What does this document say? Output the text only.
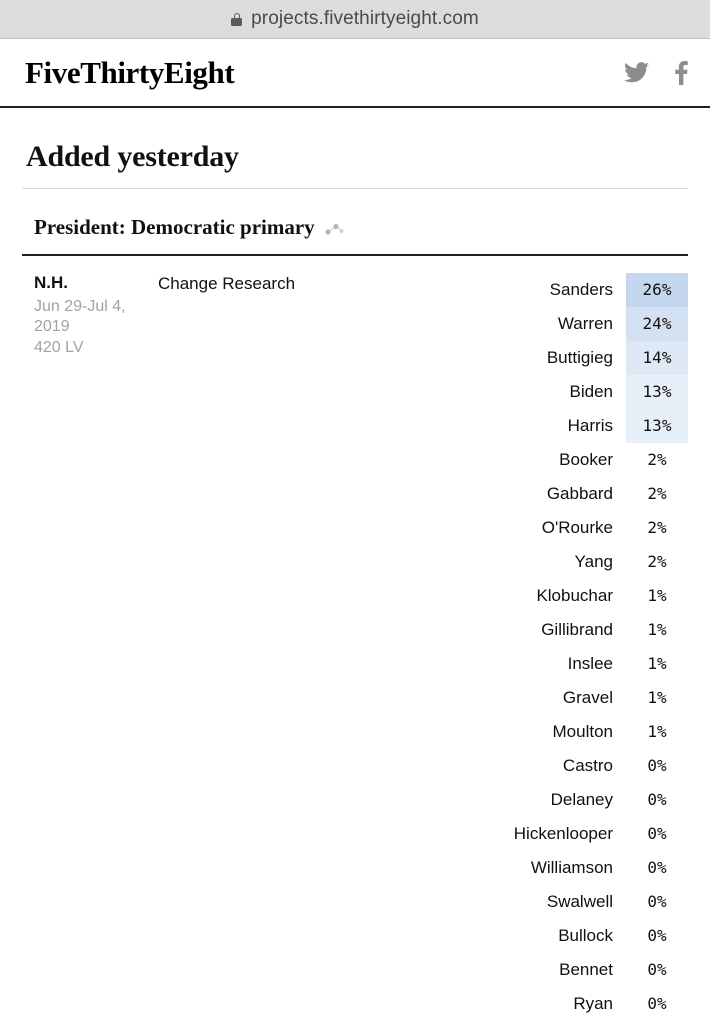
projects.fivethirtyeight.com
FiveThirtyEight
Added yesterday
President: Democratic primary
N.H.
Jun 29-Jul 4, 2019
420 LV
Change Research	Sanders	26%
Warren	24%
Buttigieg	14%
Biden	13%
Harris	13%
Booker	2%
Gabbard	2%
O'Rourke	2%
Yang	2%
Klobuchar	1%
Gillibrand	1%
Inslee	1%
Gravel	1%
Moulton	1%
Castro	0%
Delaney	0%
Hickenlooper	0%
Williamson	0%
Swalwell	0%
Bullock	0%
Bennet	0%
Ryan	0%
